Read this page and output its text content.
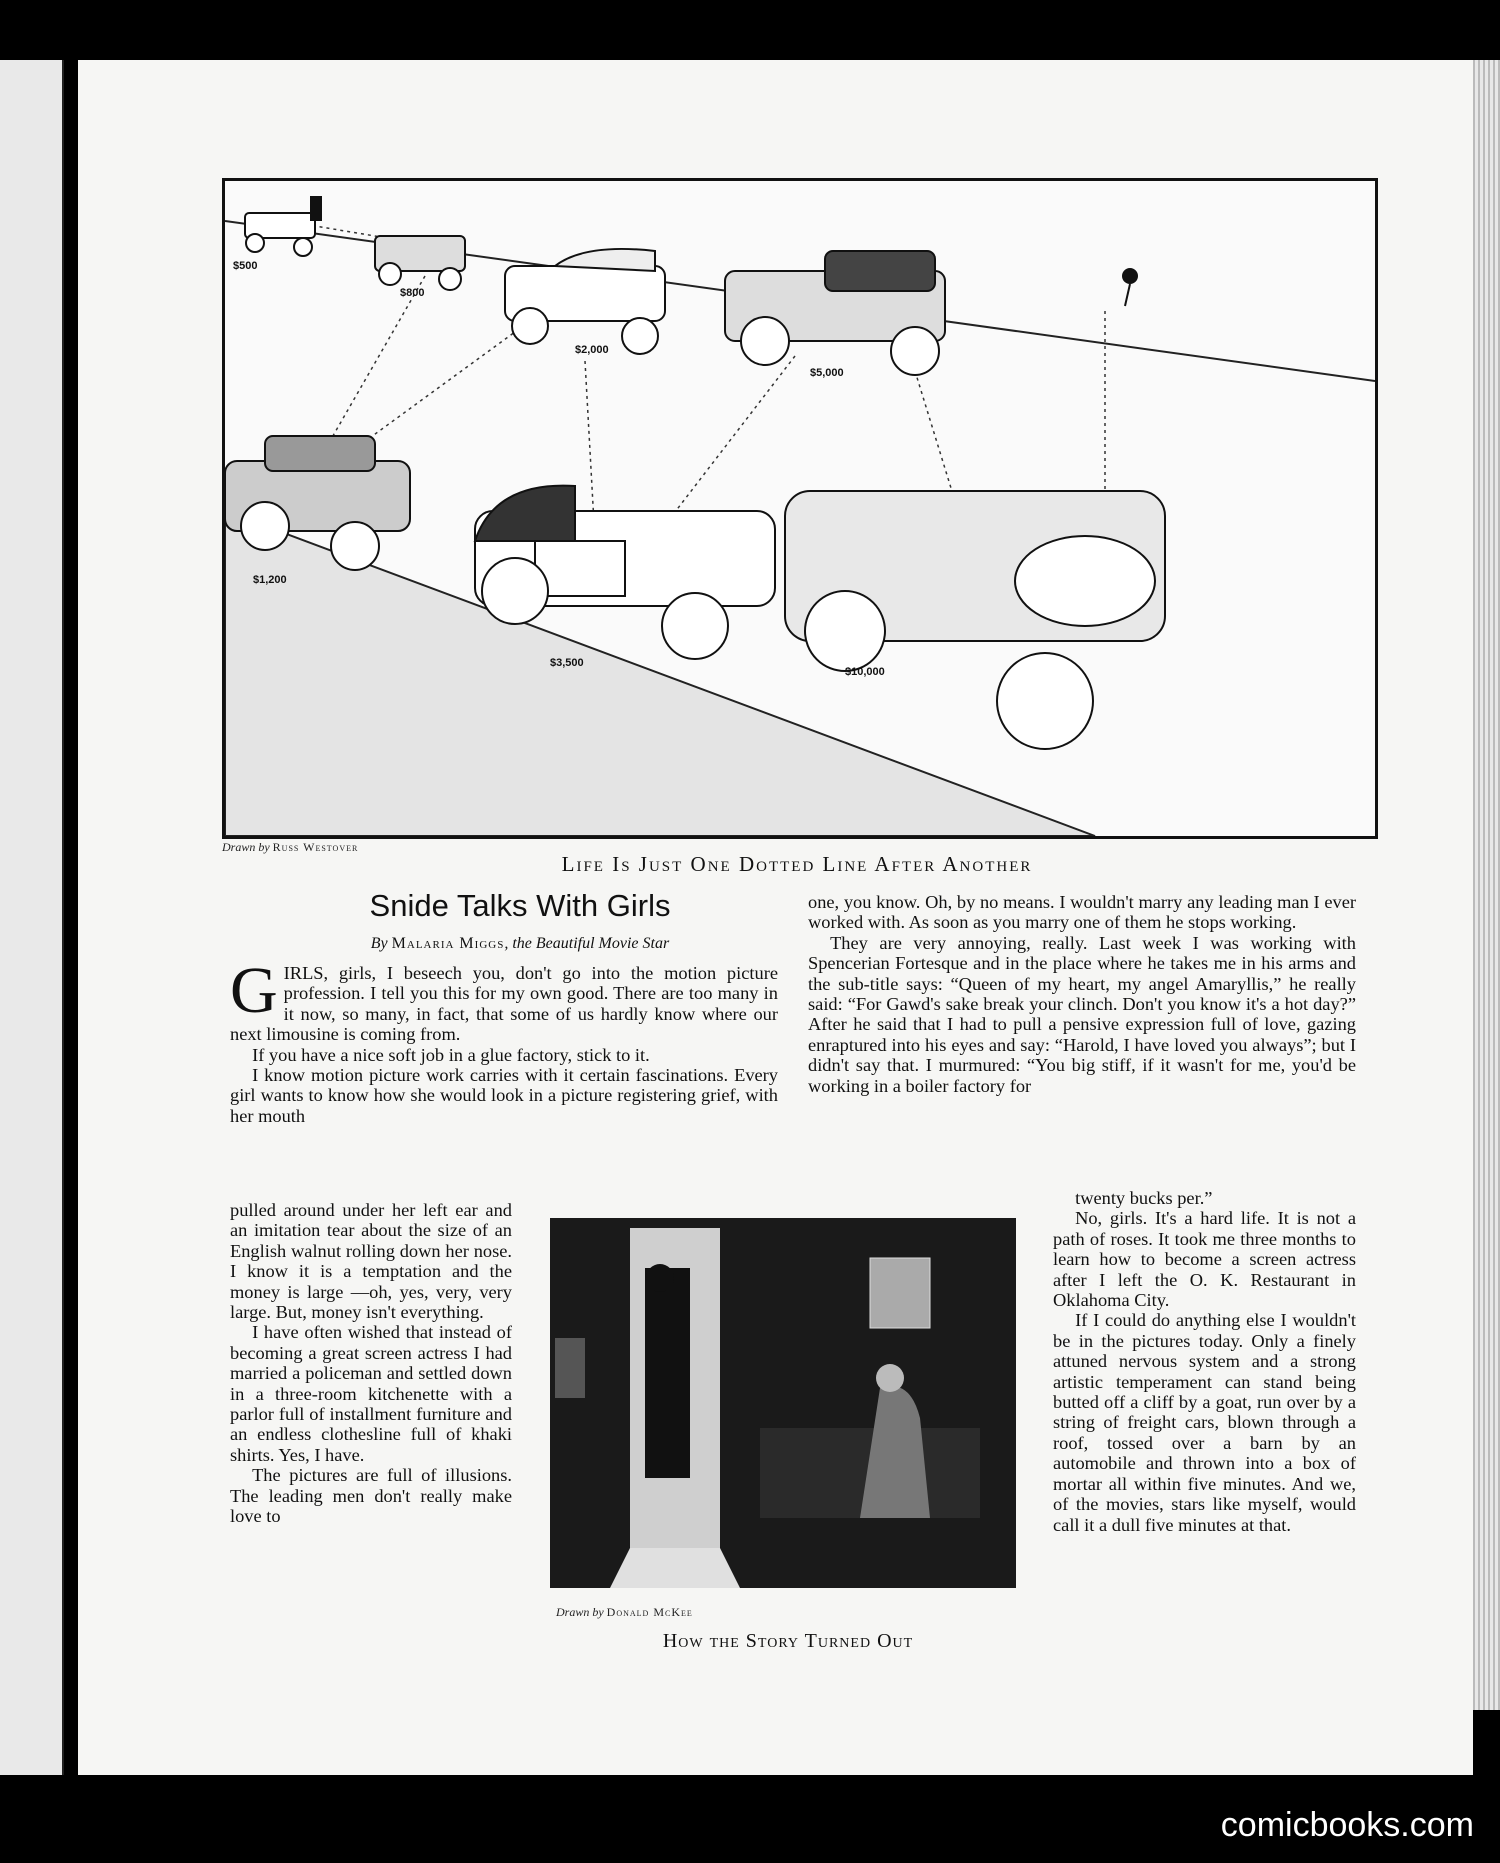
$500
$800
$2,000
$5,000
$1,200
$3,500
$10,000
Drawn by Russ Westover
Life Is Just One Dotted Line After Another
Snide Talks With Girls
By Malaria Miggs, the Beautiful Movie Star

GIRLS, girls, I beseech you, don't go into the motion picture profession. I tell you this for my own good. There are too many in it now, so many, in fact, that some of us hardly know where our next limousine is coming from.

If you have a nice soft job in a glue factory, stick to it.

I know motion picture work carries with it certain fascinations. Every girl wants to know how she would look in a picture registering grief, with her mouth

pulled around under her left ear and an imitation tear about the size of an English walnut rolling down her nose. I know it is a temptation and the money is large —oh, yes, very, very large. But, money isn't everything.

I have often wished that instead of becoming a great screen actress I had married a policeman and settled down in a three-room kitchenette with a parlor full of installment furniture and an endless clothesline full of khaki shirts. Yes, I have.

The pictures are full of illusions. The leading men don't really make love to

one, you know. Oh, by no means. I wouldn't marry any leading man I ever worked with. As soon as you marry one of them he stops working.

They are very annoying, really. Last week I was working with Spencerian Fortesque and in the place where he takes me in his arms and the sub-title says: “Queen of my heart, my angel Amaryllis,” he really said: “For Gawd's sake break your clinch. Don't you know it's a hot day?” After he said that I had to pull a pensive expression full of love, gazing enraptured into his eyes and say: “Harold, I have loved you always”; but I didn't say that. I murmured: “You big stiff, if it wasn't for me, you'd be working in a boiler factory for

twenty bucks per.”

No, girls. It's a hard life. It is not a path of roses. It took me three months to learn how to become a screen actress after I left the O. K. Restaurant in Oklahoma City.

If I could do anything else I wouldn't be in the pictures today. Only a finely attuned nervous system and a strong artistic temperament can stand being butted off a cliff by a goat, run over by a string of freight cars, blown through a roof, tossed over a barn by an automobile and thrown into a box of mortar all within five minutes. And we, of the movies, stars like myself, would call it a dull five minutes at that.

Drawn by Donald McKee
How the Story Turned Out
comicbooks.com
